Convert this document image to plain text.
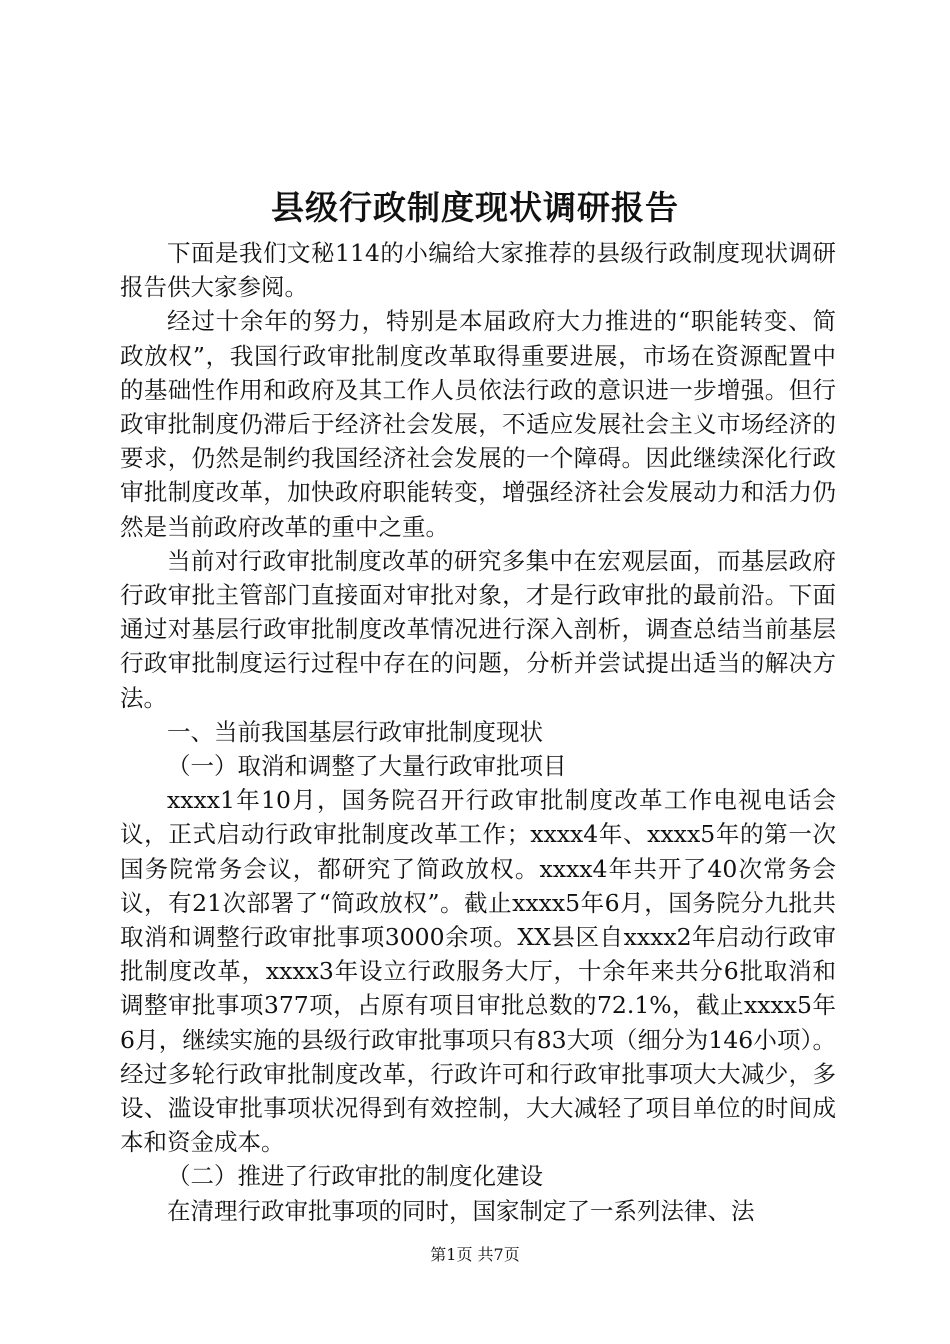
县级行政制度现状调研报告

下面是我们文秘114的小编给大家推荐的县级行政制度现状调研报告供大家参阅。

经过十余年的努力，特别是本届政府大力推进的“职能转变、简政放权”，我国行政审批制度改革取得重要进展，市场在资源配置中的基础性作用和政府及其工作人员依法行政的意识进一步增强。但行政审批制度仍滞后于经济社会发展，不适应发展社会主义市场经济的要求，仍然是制约我国经济社会发展的一个障碍。因此继续深化行政审批制度改革，加快政府职能转变，增强经济社会发展动力和活力仍然是当前政府改革的重中之重。

当前对行政审批制度改革的研究多集中在宏观层面，而基层政府行政审批主管部门直接面对审批对象，才是行政审批的最前沿。下面通过对基层行政审批制度改革情况进行深入剖析，调查总结当前基层行政审批制度运行过程中存在的问题，分析并尝试提出适当的解决方法。

一、当前我国基层行政审批制度现状

（一）取消和调整了大量行政审批项目

xxxx1年10月，国务院召开行政审批制度改革工作电视电话会议，正式启动行政审批制度改革工作；xxxx4年、xxxx5年的第一次国务院常务会议，都研究了简政放权。xxxx4年共开了40次常务会议，有21次部署了“简政放权”。截止xxxx5年6月，国务院分九批共取消和调整行政审批事项3000余项。XX县区自xxxx2年启动行政审批制度改革，xxxx3年设立行政服务大厅，十余年来共分6批取消和调整审批事项377项，占原有项目审批总数的72.1%，截止xxxx5年6月，继续实施的县级行政审批事项只有83大项（细分为146小项）。经过多轮行政审批制度改革，行政许可和行政审批事项大大减少，多设、滥设审批事项状况得到有效控制，大大减轻了项目单位的时间成本和资金成本。

（二）推进了行政审批的制度化建设

在清理行政审批事项的同时，国家制定了一系列法律、法

第1页 共7页
